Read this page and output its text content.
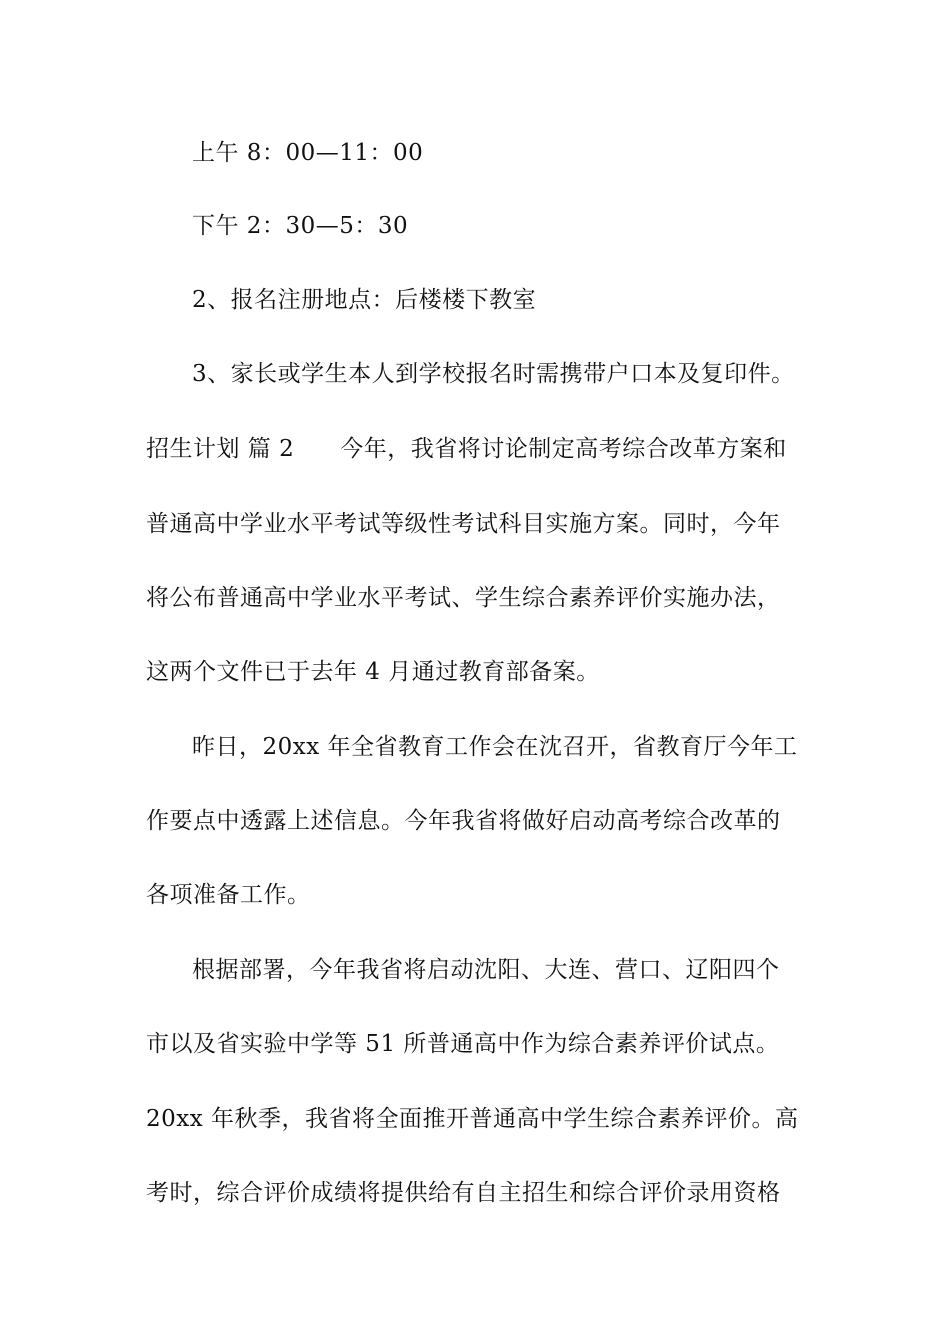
上午 8：00—11：00
下午 2：30—5：30
2、报名注册地点：后楼楼下教室
3、家长或学生本人到学校报名时需携带户口本及复印件。
招生计划 篇 2 今年，我省将讨论制定高考综合改革方案和
普通高中学业水平考试等级性考试科目实施方案。同时，今年
将公布普通高中学业水平考试、学生综合素养评价实施办法，
这两个文件已于去年 4 月通过教育部备案。
昨日，20xx 年全省教育工作会在沈召开，省教育厅今年工
作要点中透露上述信息。今年我省将做好启动高考综合改革的
各项准备工作。
根据部署，今年我省将启动沈阳、大连、营口、辽阳四个
市以及省实验中学等 51 所普通高中作为综合素养评价试点。
20xx 年秋季，我省将全面推开普通高中学生综合素养评价。高
考时，综合评价成绩将提供给有自主招生和综合评价录用资格
